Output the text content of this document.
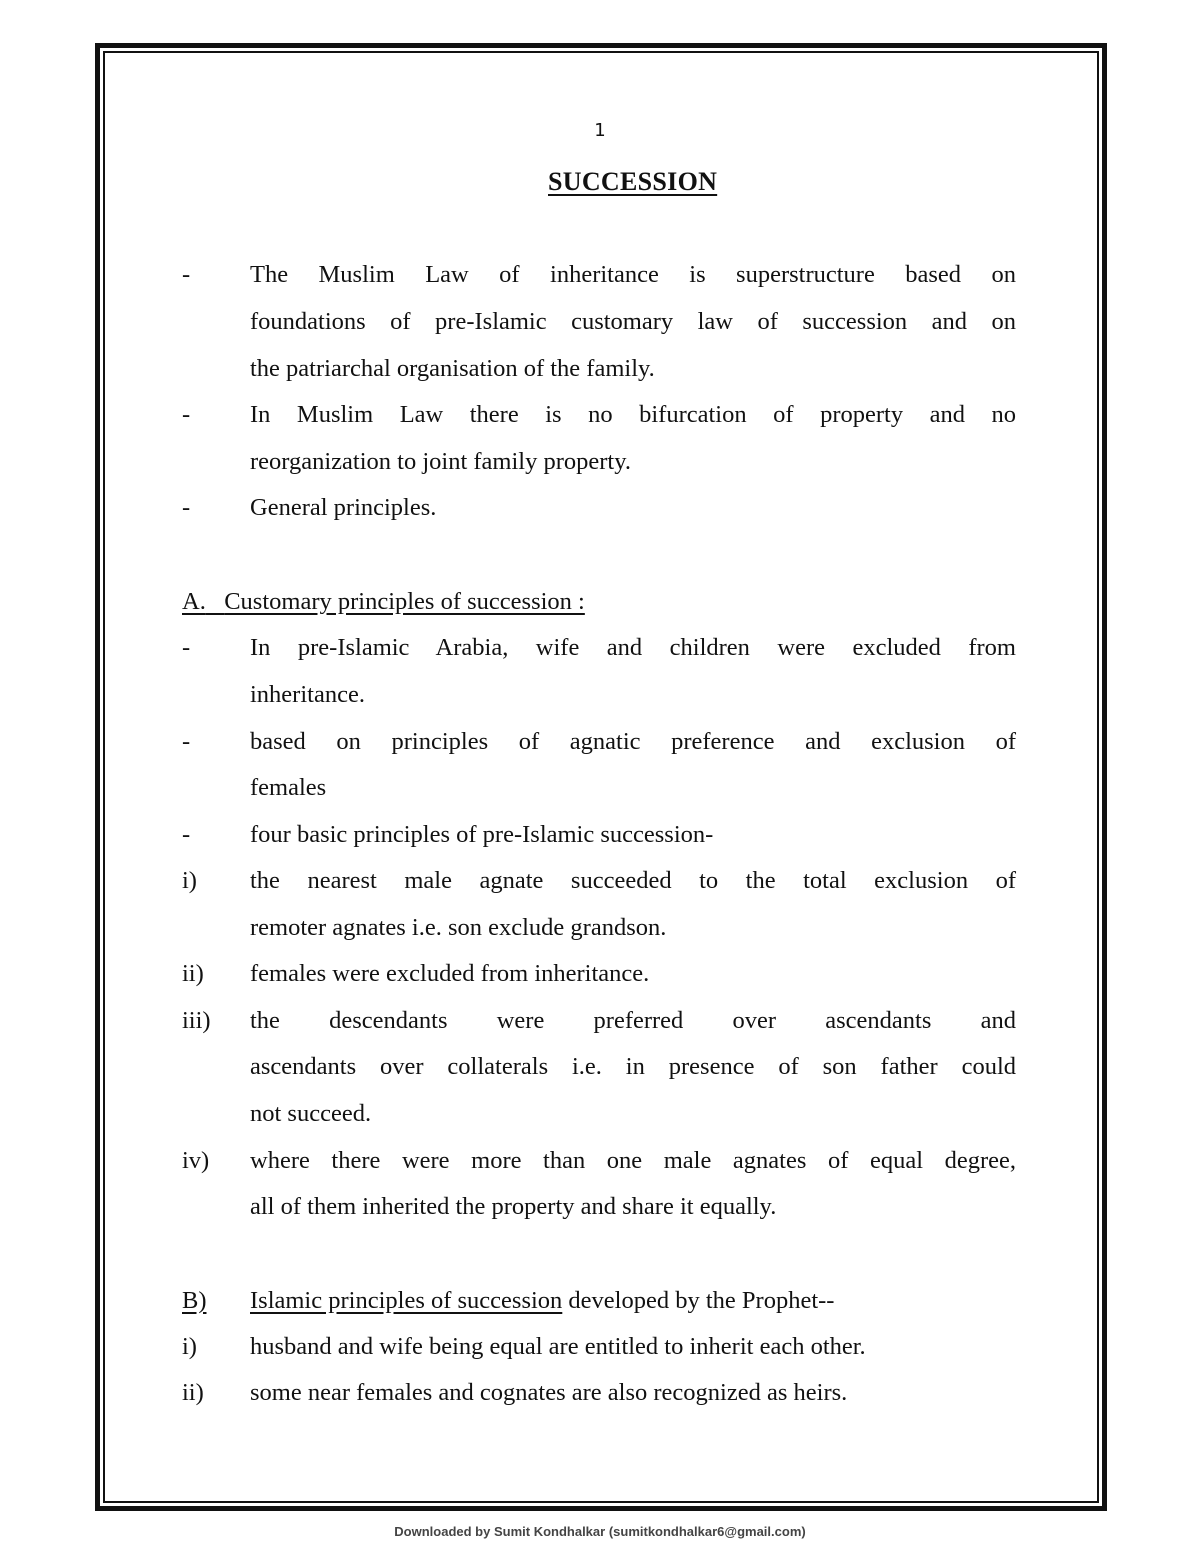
1
SUCCESSION
-	The Muslim Law of inheritance is superstructure based on
foundations of pre-Islamic customary law of succession and on
the patriarchal organisation of the family.
-	In Muslim Law there is no bifurcation of property and no
reorganization to joint family property.
-	General principles.
A. Customary principles of succession :
-	In pre-Islamic Arabia, wife and children were excluded from
inheritance.
-	based on principles of agnatic preference and exclusion of
females
-	four basic principles of pre-Islamic succession-
i)	the nearest male agnate succeeded to the total exclusion of
remoter agnates i.e. son exclude grandson.
ii)	females were excluded from inheritance.
iii)	the descendants were preferred over ascendants and
ascendants over collaterals i.e. in presence of son father could
not succeed.
iv)	where there were more than one male agnates of equal degree,
all of them inherited the property and share it equally.
B)	Islamic principles of succession developed by the Prophet--
i)	husband and wife being equal are entitled to inherit each other.
ii)	some near females and cognates are also recognized as heirs.
Downloaded by Sumit Kondhalkar (sumitkondhalkar6@gmail.com)
